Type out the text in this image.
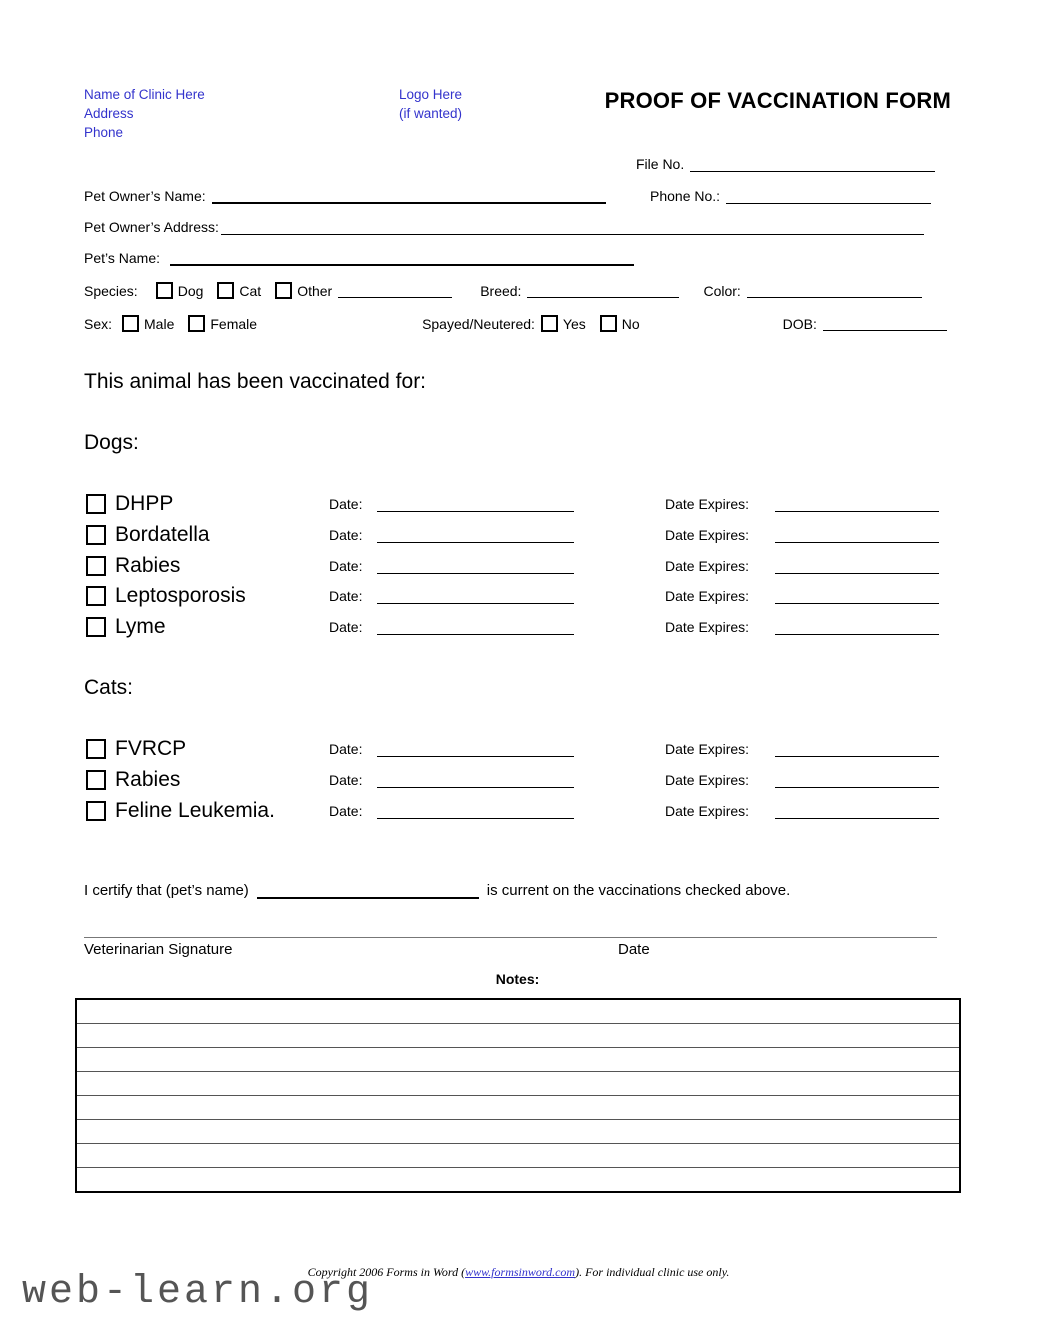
Name of Clinic Here
Address
Phone
Logo Here
(if wanted)
PROOF OF VACCINATION FORM
File No.
Pet Owner’s Name:	Phone No.:
Pet Owner’s Address:
Pet’s Name:
Species:	Dog	Cat	Other	Breed:	Color:
Sex: Male	Female	Spayed/Neutered: Yes	No	DOB:
This animal has been vaccinated for:
Dogs:
Cats:
DHPP	Date:	Date Expires:
Bordatella	Date:	Date Expires:
Rabies	Date:	Date Expires:
Leptosporosis	Date:	Date Expires:
Lyme	Date:	Date Expires:
FVRCP	Date:	Date Expires:
Rabies	Date:	Date Expires:
Feline Leukemia.	Date:	Date Expires:
I certify that (pet’s name)	is current on the vaccinations checked above.
Veterinarian Signature	Date
Notes:

Copyright 2006 Forms in Word (www.formsinword.com). For individual clinic use only.
web-learn.org
